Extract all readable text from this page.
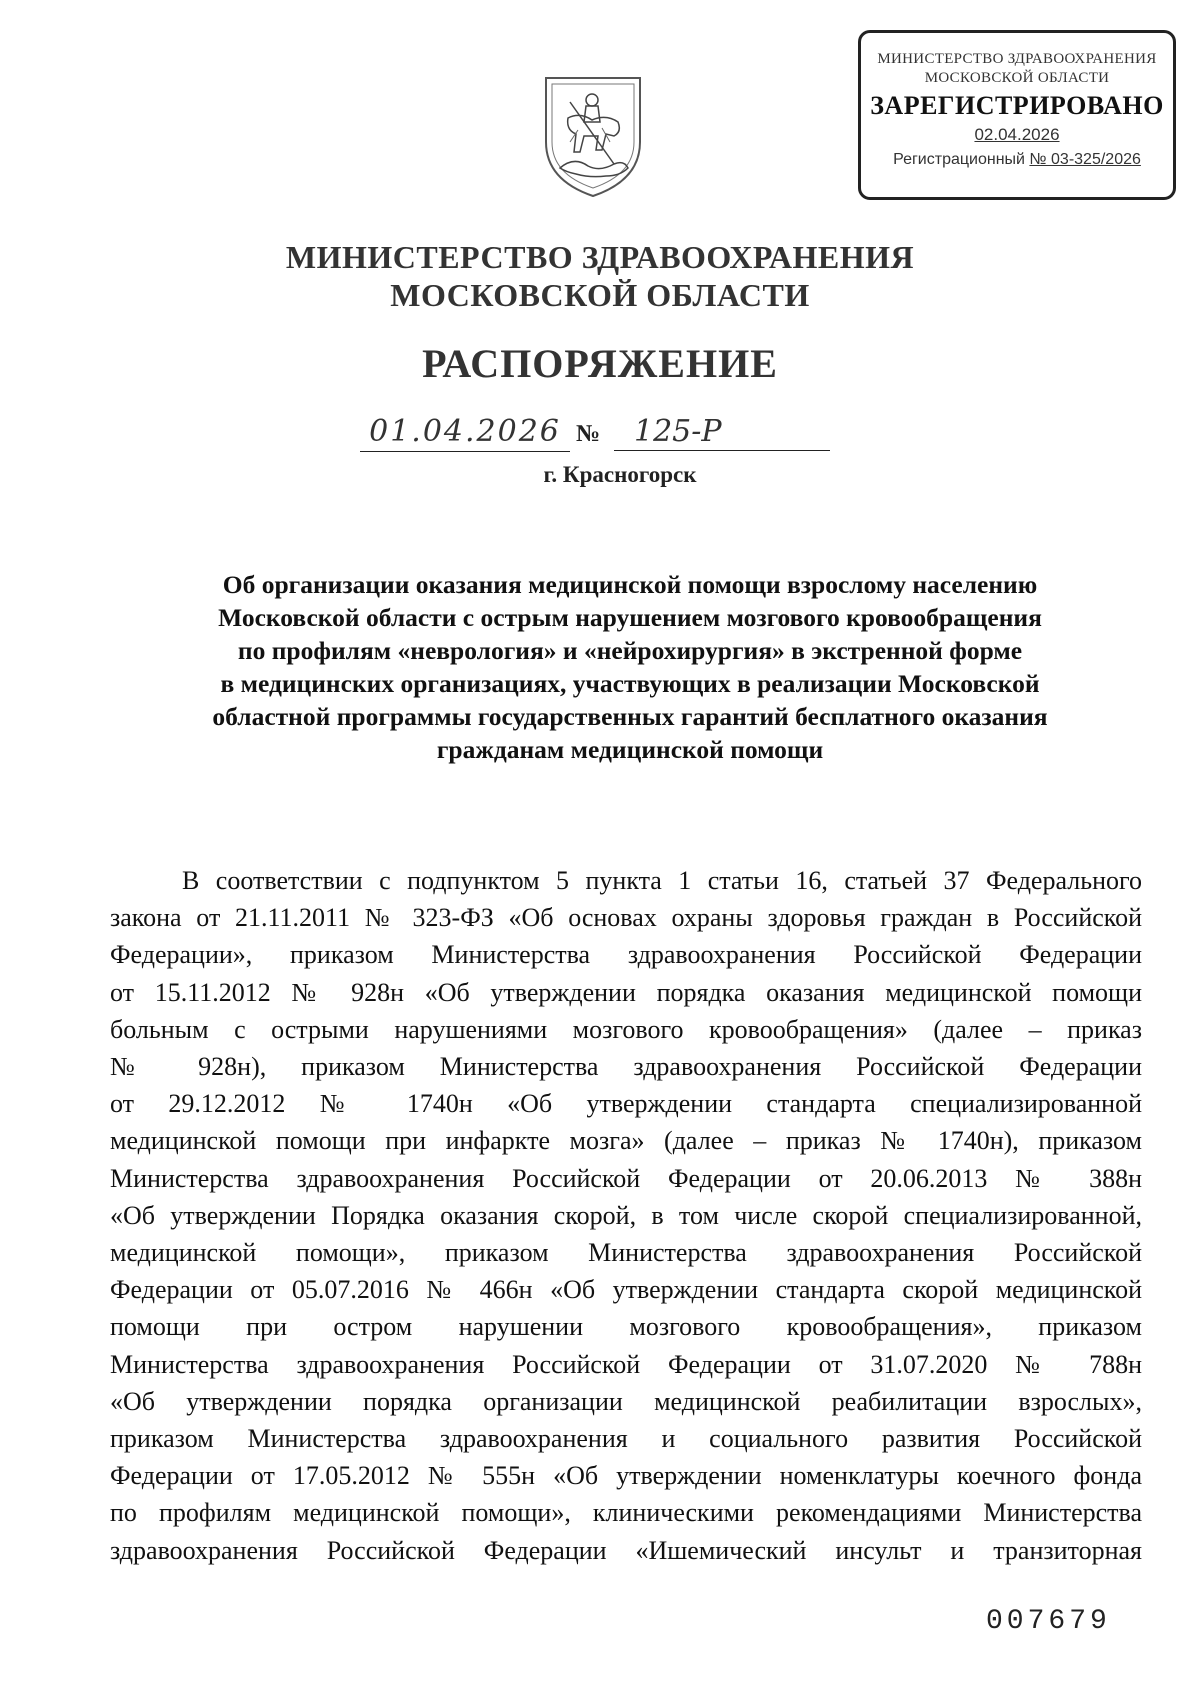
МИНИСТЕРСТВО ЗДРАВООХРАНЕНИЯ
МОСКОВСКОЙ ОБЛАСТИ
ЗАРЕГИСТРИРОВАНО
02.04.2026
Регистрационный № 03-325/2026
МИНИСТЕРСТВО ЗДРАВООХРАНЕНИЯ
МОСКОВСКОЙ ОБЛАСТИ
РАСПОРЯЖЕНИЕ
01.04.2026 №	125-Р
г. Красногорск
Об организации оказания медицинской помощи взрослому населению
Московской области с острым нарушением мозгового кровообращения
по профилям «неврология» и «нейрохирургия» в экстренной форме
в медицинских организациях, участвующих в реализации Московской
областной программы государственных гарантий бесплатного оказания
гражданам медицинской помощи
В соответствии с подпунктом 5 пункта 1 статьи 16, статьей 37 Федерального
закона от 21.11.2011 № 323-ФЗ «Об основах охраны здоровья граждан в Российской
Федерации», приказом Министерства здравоохранения Российской Федерации
от 15.11.2012 № 928н «Об утверждении порядка оказания медицинской помощи
больным с острыми нарушениями мозгового кровообращения» (далее – приказ
№ 928н), приказом Министерства здравоохранения Российской Федерации
от 29.12.2012 № 1740н «Об утверждении стандарта специализированной
медицинской помощи при инфаркте мозга» (далее – приказ № 1740н), приказом
Министерства здравоохранения Российской Федерации от 20.06.2013 № 388н
«Об утверждении Порядка оказания скорой, в том числе скорой специализированной,
медицинской помощи», приказом Министерства здравоохранения Российской
Федерации от 05.07.2016 № 466н «Об утверждении стандарта скорой медицинской
помощи при остром нарушении мозгового кровообращения», приказом
Министерства здравоохранения Российской Федерации от 31.07.2020 № 788н
«Об утверждении порядка организации медицинской реабилитации взрослых»,
приказом Министерства здравоохранения и социального развития Российской
Федерации от 17.05.2012 № 555н «Об утверждении номенклатуры коечного фонда
по профилям медицинской помощи», клиническими рекомендациями Министерства
здравоохранения Российской Федерации «Ишемический инсульт и транзиторная
007679
